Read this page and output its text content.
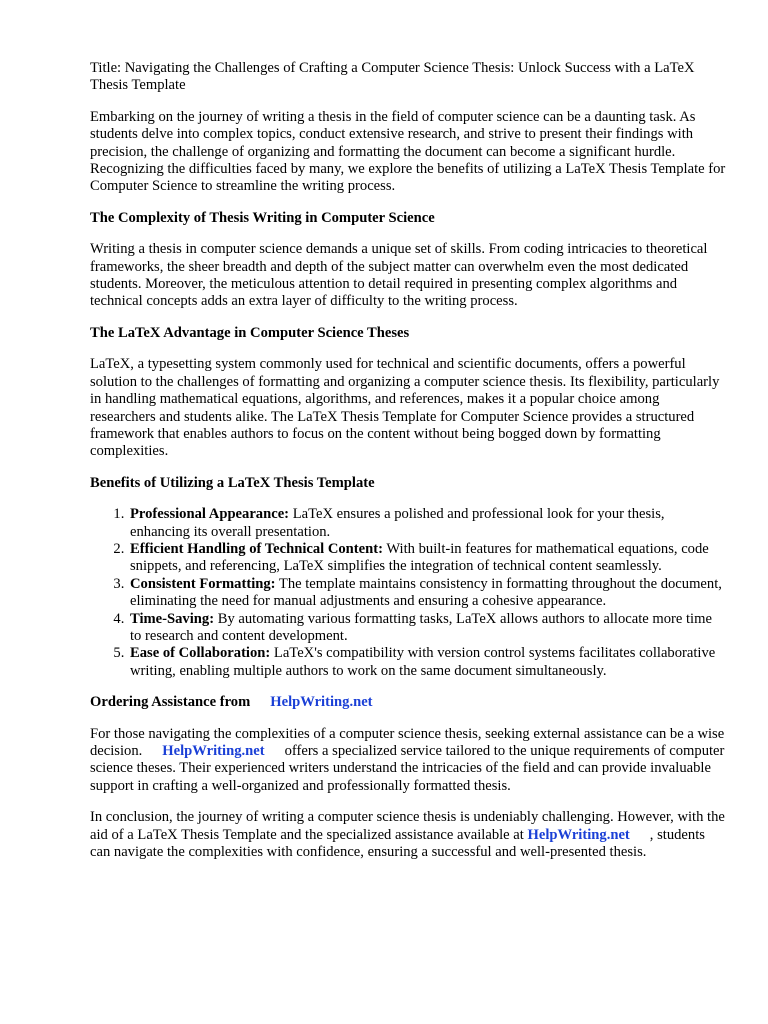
Title: Navigating the Challenges of Crafting a Computer Science Thesis: Unlock Success with a LaTeX Thesis Template

Embarking on the journey of writing a thesis in the field of computer science can be a daunting task. As students delve into complex topics, conduct extensive research, and strive to present their findings with precision, the challenge of organizing and formatting the document can become a significant hurdle. Recognizing the difficulties faced by many, we explore the benefits of utilizing a LaTeX Thesis Template for Computer Science to streamline the writing process.

The Complexity of Thesis Writing in Computer Science

Writing a thesis in computer science demands a unique set of skills. From coding intricacies to theoretical frameworks, the sheer breadth and depth of the subject matter can overwhelm even the most dedicated students. Moreover, the meticulous attention to detail required in presenting complex algorithms and technical concepts adds an extra layer of difficulty to the writing process.

The LaTeX Advantage in Computer Science Theses

LaTeX, a typesetting system commonly used for technical and scientific documents, offers a powerful solution to the challenges of formatting and organizing a computer science thesis. Its flexibility, particularly in handling mathematical equations, algorithms, and references, makes it a popular choice among researchers and students alike. The LaTeX Thesis Template for Computer Science provides a structured framework that enables authors to focus on the content without being bogged down by formatting complexities.

Benefits of Utilizing a LaTeX Thesis Template
1. Professional Appearance: LaTeX ensures a polished and professional look for your thesis, enhancing its overall presentation.
2. Efficient Handling of Technical Content: With built-in features for mathematical equations, code snippets, and referencing, LaTeX simplifies the integration of technical content seamlessly.
3. Consistent Formatting: The template maintains consistency in formatting throughout the document, eliminating the need for manual adjustments and ensuring a cohesive appearance.
4. Time-Saving: By automating various formatting tasks, LaTeX allows authors to allocate more time to research and content development.
5. Ease of Collaboration: LaTeX's compatibility with version control systems facilitates collaborative writing, enabling multiple authors to work on the same document simultaneously.
Ordering Assistance from HelpWriting.net

For those navigating the complexities of a computer science thesis, seeking external assistance can be a wise decision. HelpWriting.net offers a specialized service tailored to the unique requirements of computer science theses. Their experienced writers understand the intricacies of the field and can provide invaluable support in crafting a well-organized and professionally formatted thesis.

In conclusion, the journey of writing a computer science thesis is undeniably challenging. However, with the aid of a LaTeX Thesis Template and the specialized assistance available at HelpWriting.net , students can navigate the complexities with confidence, ensuring a successful and well-presented thesis.
